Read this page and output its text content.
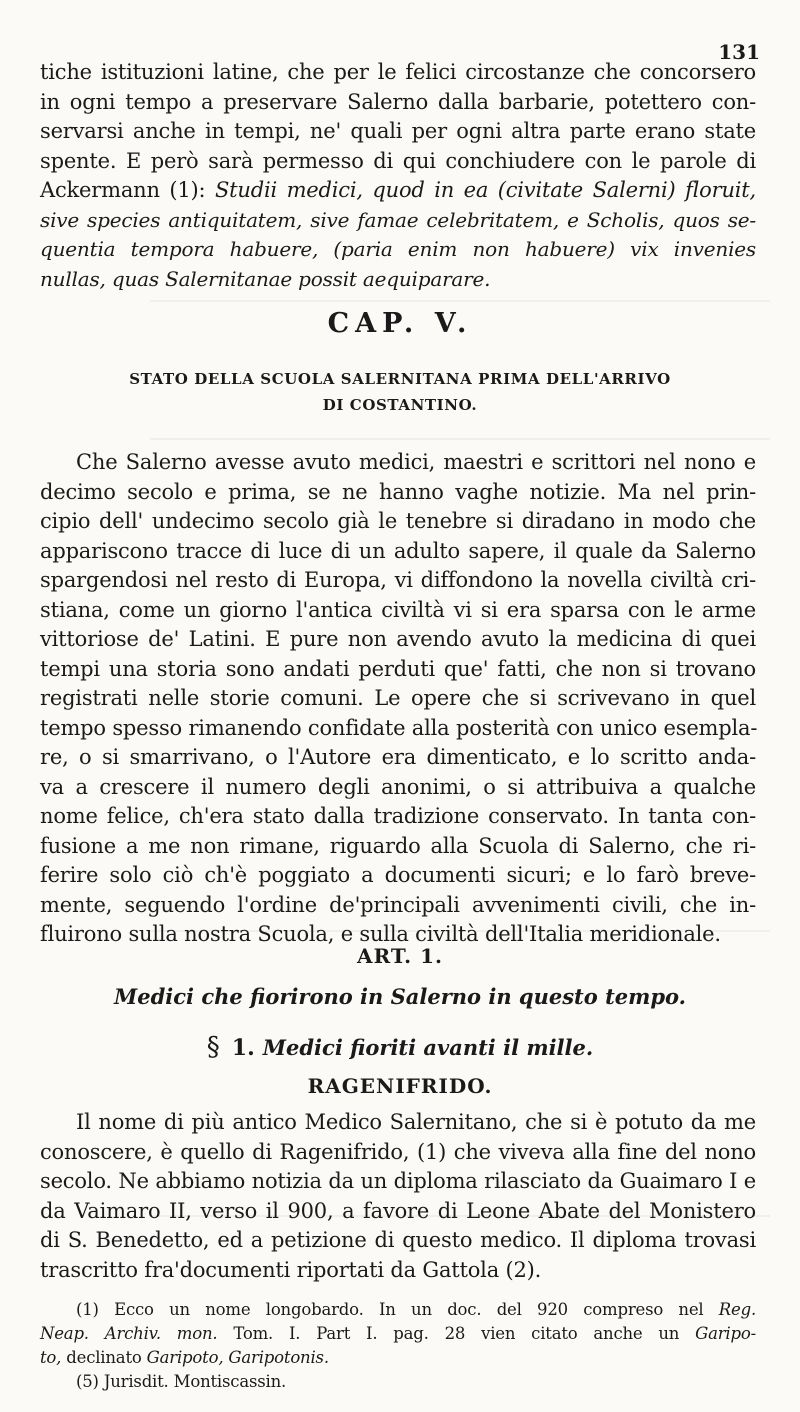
131
tiche istituzioni latine, che per le felici circostanze che concorsero
in ogni tempo a preservare Salerno dalla barbarie, potettero con-
servarsi anche in tempi, ne' quali per ogni altra parte erano state
spente. E però sarà permesso di qui conchiudere con le parole di
Ackermann (1): Studii medici, quod in ea (civitate Salerni) floruit,
sive species antiquitatem, sive famae celebritatem, e Scholis, quos se-
quentia tempora habuere, (paria enim non habuere) vix invenies
nullas, quas Salernitanae possit aequiparare.
CAP. V.
STATO DELLA SCUOLA SALERNITANA PRIMA DELL'ARRIVO
DI COSTANTINO.
Che Salerno avesse avuto medici, maestri e scrittori nel nono e
decimo secolo e prima, se ne hanno vaghe notizie. Ma nel prin-
cipio dell' undecimo secolo già le tenebre si diradano in modo che
appariscono tracce di luce di un adulto sapere, il quale da Salerno
spargendosi nel resto di Europa, vi diffondono la novella civiltà cri-
stiana, come un giorno l'antica civiltà vi si era sparsa con le arme
vittoriose de' Latini. E pure non avendo avuto la medicina di quei
tempi una storia sono andati perduti que' fatti, che non si trovano
registrati nelle storie comuni. Le opere che si scrivevano in quel
tempo spesso rimanendo confidate alla posterità con unico esempla-
re, o si smarrivano, o l'Autore era dimenticato, e lo scritto anda-
va a crescere il numero degli anonimi, o si attribuiva a qualche
nome felice, ch'era stato dalla tradizione conservato. In tanta con-
fusione a me non rimane, riguardo alla Scuola di Salerno, che ri-
ferire solo ciò ch'è poggiato a documenti sicuri; e lo farò breve-
mente, seguendo l'ordine de'principali avvenimenti civili, che in-
fluirono sulla nostra Scuola, e sulla civiltà dell'Italia meridionale.
ART. 1.
Medici che fiorirono in Salerno in questo tempo.
§ 1. Medici fioriti avanti il mille.
RAGENIFRIDO.
Il nome di più antico Medico Salernitano, che si è potuto da me
conoscere, è quello di Ragenifrido, (1) che viveva alla fine del nono
secolo. Ne abbiamo notizia da un diploma rilasciato da Guaimaro I e
da Vaimaro II, verso il 900, a favore di Leone Abate del Monistero
di S. Benedetto, ed a petizione di questo medico. Il diploma trovasi
trascritto fra'documenti riportati da Gattola (2).
(1) Ecco un nome longobardo. In un doc. del 920 compreso nel Reg.
Neap. Archiv. mon. Tom. I. Part I. pag. 28 vien citato anche un Garipo-
to, declinato Garipoto, Garipotonis.
(5) Jurisdit. Montiscassin.
